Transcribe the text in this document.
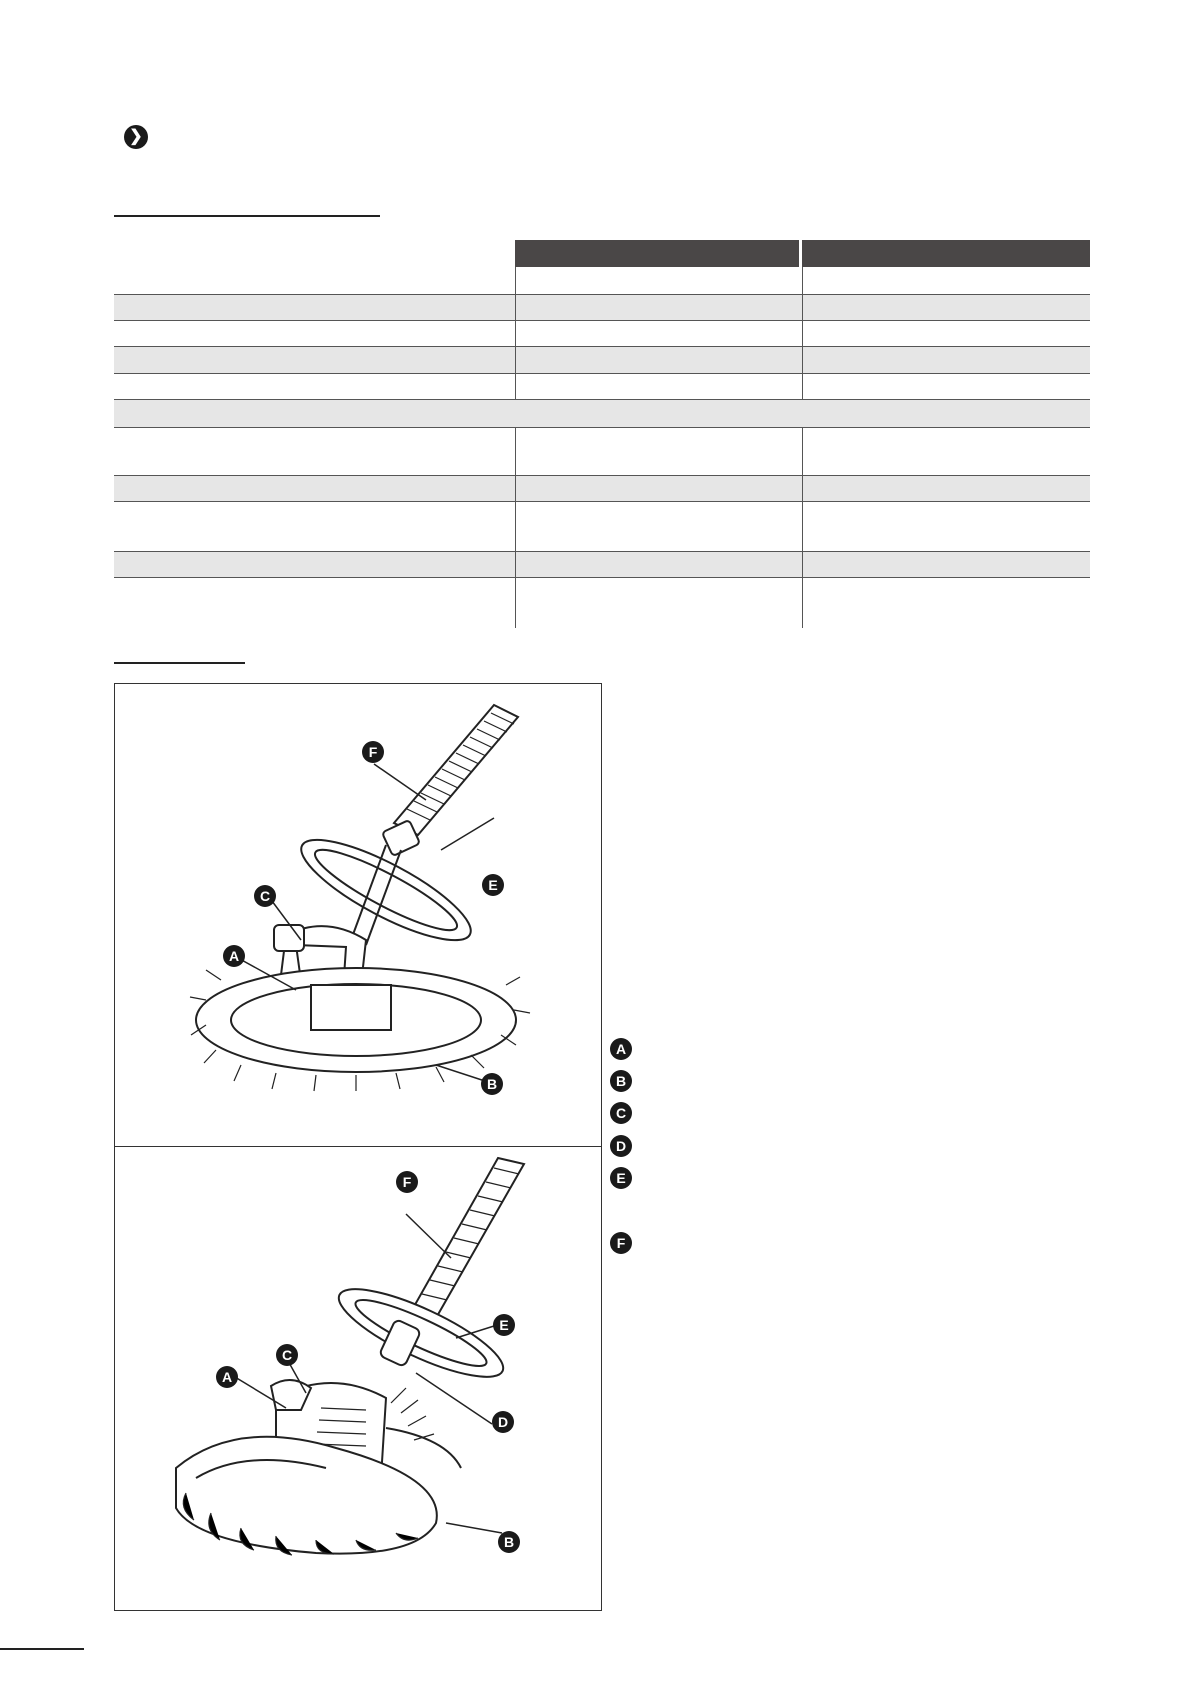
❯
F
E
C
A
B
F
E
C
A
D
B
A
B
C
D
E
F
